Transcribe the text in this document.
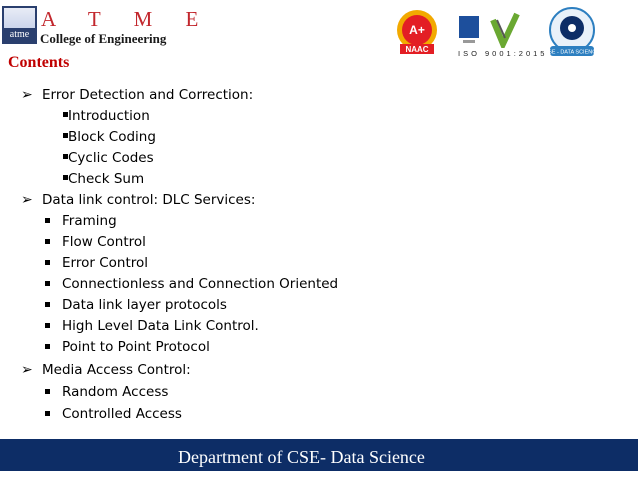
atme
A T M E
College of Engineering
A+
NAAC	ISO 9001:2015
CSE - DATA SCIENCE
Contents
➢ Error Detection and Correction:
Introduction
Block Coding
Cyclic Codes
Check Sum
➢ Data link control: DLC Services:
Framing
Flow Control
Error Control
Connectionless and Connection Oriented
Data link layer protocols
High Level Data Link Control.
Point to Point Protocol
➢ Media Access Control:
Random Access
Controlled Access
Department of CSE- Data Science
